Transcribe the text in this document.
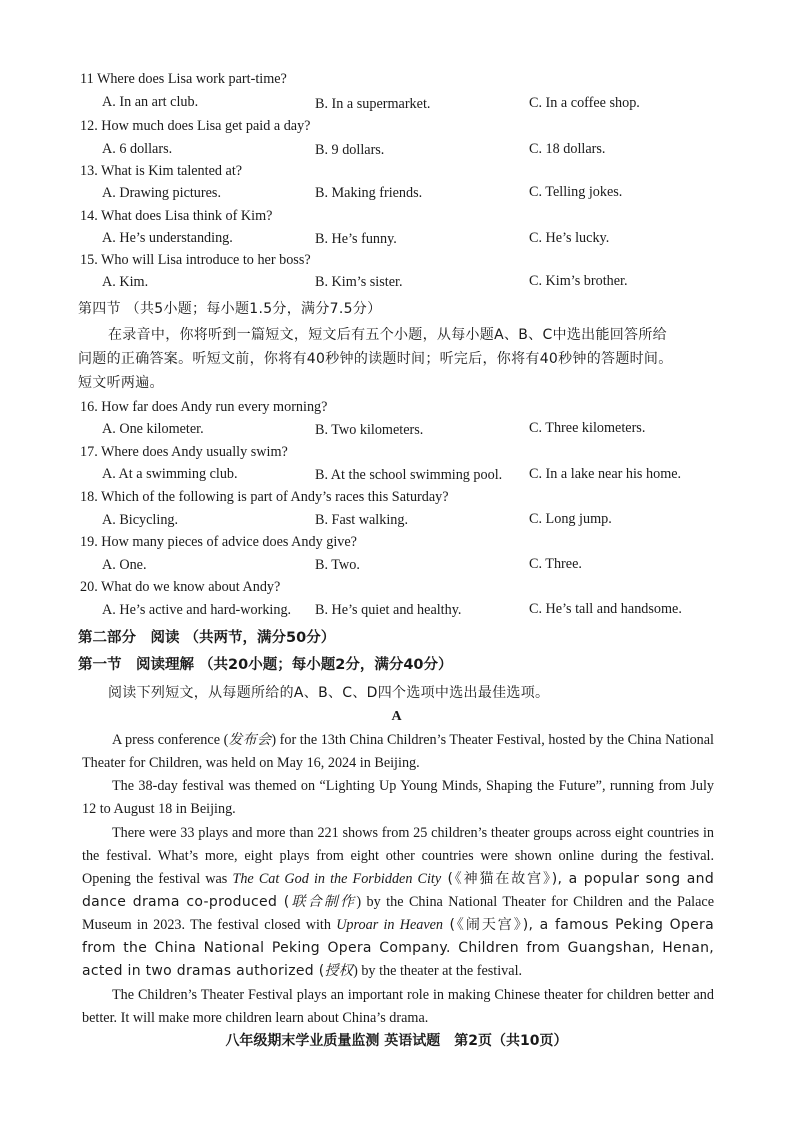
11 Where does Lisa work part-time?
A. In an art club.	B. In a supermarket.	C. In a coffee shop.
12. How much does Lisa get paid a day?
A. 6 dollars.	B. 9 dollars.	C. 18 dollars.
13. What is Kim talented at?
A. Drawing pictures.	B. Making friends.	C. Telling jokes.
14. What does Lisa think of Kim?
A. He’s understanding.	B. He’s funny.	C. He’s lucky.
15. Who will Lisa introduce to her boss?
A. Kim.	B. Kim’s sister.	C. Kim’s brother.
第四节 （共5小题；每小题1.5分，满分7.5分）
在录音中，你将听到一篇短文，短文后有五个小题，从每小题A、B、C中选出能回答所给
问题的正确答案。听短文前，你将有40秒钟的读题时间；听完后，你将有40秒钟的答题时间。
短文听两遍。
16. How far does Andy run every morning?
A. One kilometer.	B. Two kilometers.	C. Three kilometers.
17. Where does Andy usually swim?
A. At a swimming club.	B. At the school swimming pool. C. In a lake near his home.
18. Which of the following is part of Andy’s races this Saturday?
A. Bicycling.	B. Fast walking.	C. Long jump.
19. How many pieces of advice does Andy give?
A. One.	B. Two.	C. Three.
20. What do we know about Andy?
A. He’s active and hard-working. B. He’s quiet and healthy.	C. He’s tall and handsome.
第二部分　阅读 （共两节，满分50分）
第一节　阅读理解 （共20小题；每小题2分，满分40分）
阅读下列短文，从每题所给的A、B、C、D四个选项中选出最佳选项。
A
A press conference (发布会) for the 13th China Children’s Theater Festival, hosted by the China National Theater for Children, was held on May 16, 2024 in Beijing.
The 38-day festival was themed on “Lighting Up Young Minds, Shaping the Future”, running from July 12 to August 18 in Beijing.
There were 33 plays and more than 221 shows from 25 children’s theater groups across eight countries in the festival. What’s more, eight plays from eight other countries were shown online during the festival. Opening the festival was The Cat God in the Forbidden City (《神猫在故宫》), a popular song and dance drama co-produced (联合制作) by the China National Theater for Children and the Palace Museum in 2023. The festival closed with Uproar in Heaven (《闹天宫》), a famous Peking Opera from the China National Peking Opera Company. Children from Guangshan, Henan, acted in two dramas authorized (授权) by the theater at the festival.
The Children’s Theater Festival plays an important role in making Chinese theater for children better and better. It will make more children learn about China’s drama.
八年级期末学业质量监测 英语试题　第2页（共10页）
